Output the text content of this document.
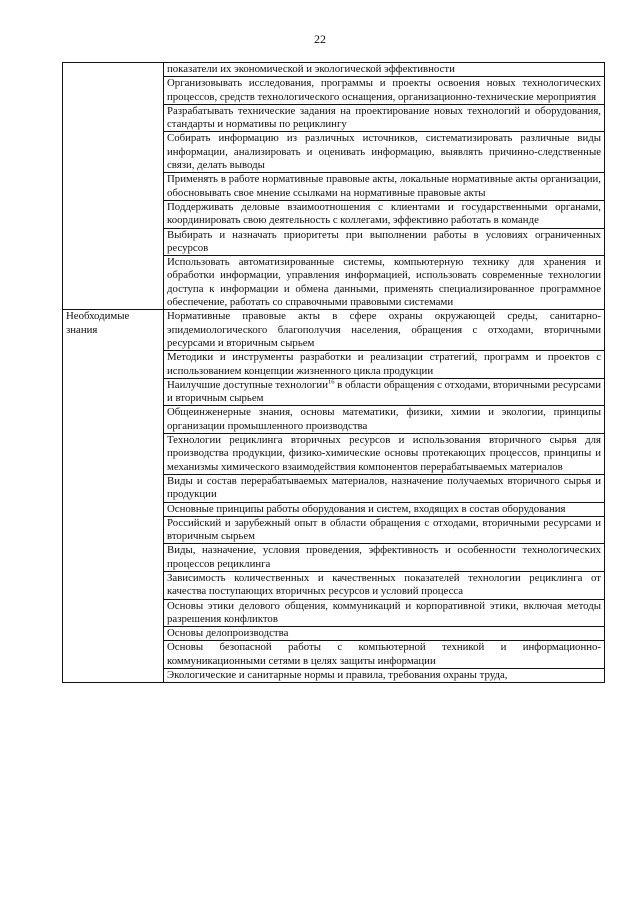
22
	показатели их экономической и экологической эффективности
	Организовывать исследования, программы и проекты освоения новых технологических процессов, средств технологического оснащения, организационно-технические мероприятия
	Разрабатывать технические задания на проектирование новых технологий и оборудования, стандарты и нормативы по рециклингу
	Собирать информацию из различных источников, систематизировать различные виды информации, анализировать и оценивать информацию, выявлять причинно-следственные связи, делать выводы
	Применять в работе нормативные правовые акты, локальные нормативные акты организации, обосновывать свое мнение ссылками на нормативные правовые акты
	Поддерживать деловые взаимоотношения с клиентами и государственными органами, координировать свою деятельность с коллегами, эффективно работать в команде
	Выбирать и назначать приоритеты при выполнении работы в условиях ограниченных ресурсов
	Использовать автоматизированные системы, компьютерную технику для хранения и обработки информации, управления информацией, использовать современные технологии доступа к информации и обмена данными, применять специализированное программное обеспечение, работать со справочными правовыми системами
Необходимые знания	Нормативные правовые акты в сфере охраны окружающей среды, санитарно-эпидемиологического благополучия населения, обращения с отходами, вторичными ресурсами и вторичным сырьем
	Методики и инструменты разработки и реализации стратегий, программ и проектов с использованием концепции жизненного цикла продукции
	Наилучшие доступные технологии$^{16}$ в области обращения с отходами, вторичными ресурсами и вторичным сырьем
	Общеинженерные знания, основы математики, физики, химии и экологии, принципы организации промышленного производства
	Технологии рециклинга вторичных ресурсов и использования вторичного сырья для производства продукции, физико-химические основы протекающих процессов, принципы и механизмы химического взаимодействия компонентов перерабатываемых материалов
	Виды и состав перерабатываемых материалов, назначение получаемых вторичного сырья и продукции
	Основные принципы работы оборудования и систем, входящих в состав оборудования
	Российский и зарубежный опыт в области обращения с отходами, вторичными ресурсами и вторичным сырьем
	Виды, назначение, условия проведения, эффективность и особенности технологических процессов рециклинга
	Зависимость количественных и качественных показателей технологии рециклинга от качества поступающих вторичных ресурсов и условий процесса
	Основы этики делового общения, коммуникаций и корпоративной этики, включая методы разрешения конфликтов
	Основы делопроизводства
	Основы безопасной работы с компьютерной техникой и информационно-коммуникационными сетями в целях защиты информации
	Экологические и санитарные нормы и правила, требования охраны труда,
